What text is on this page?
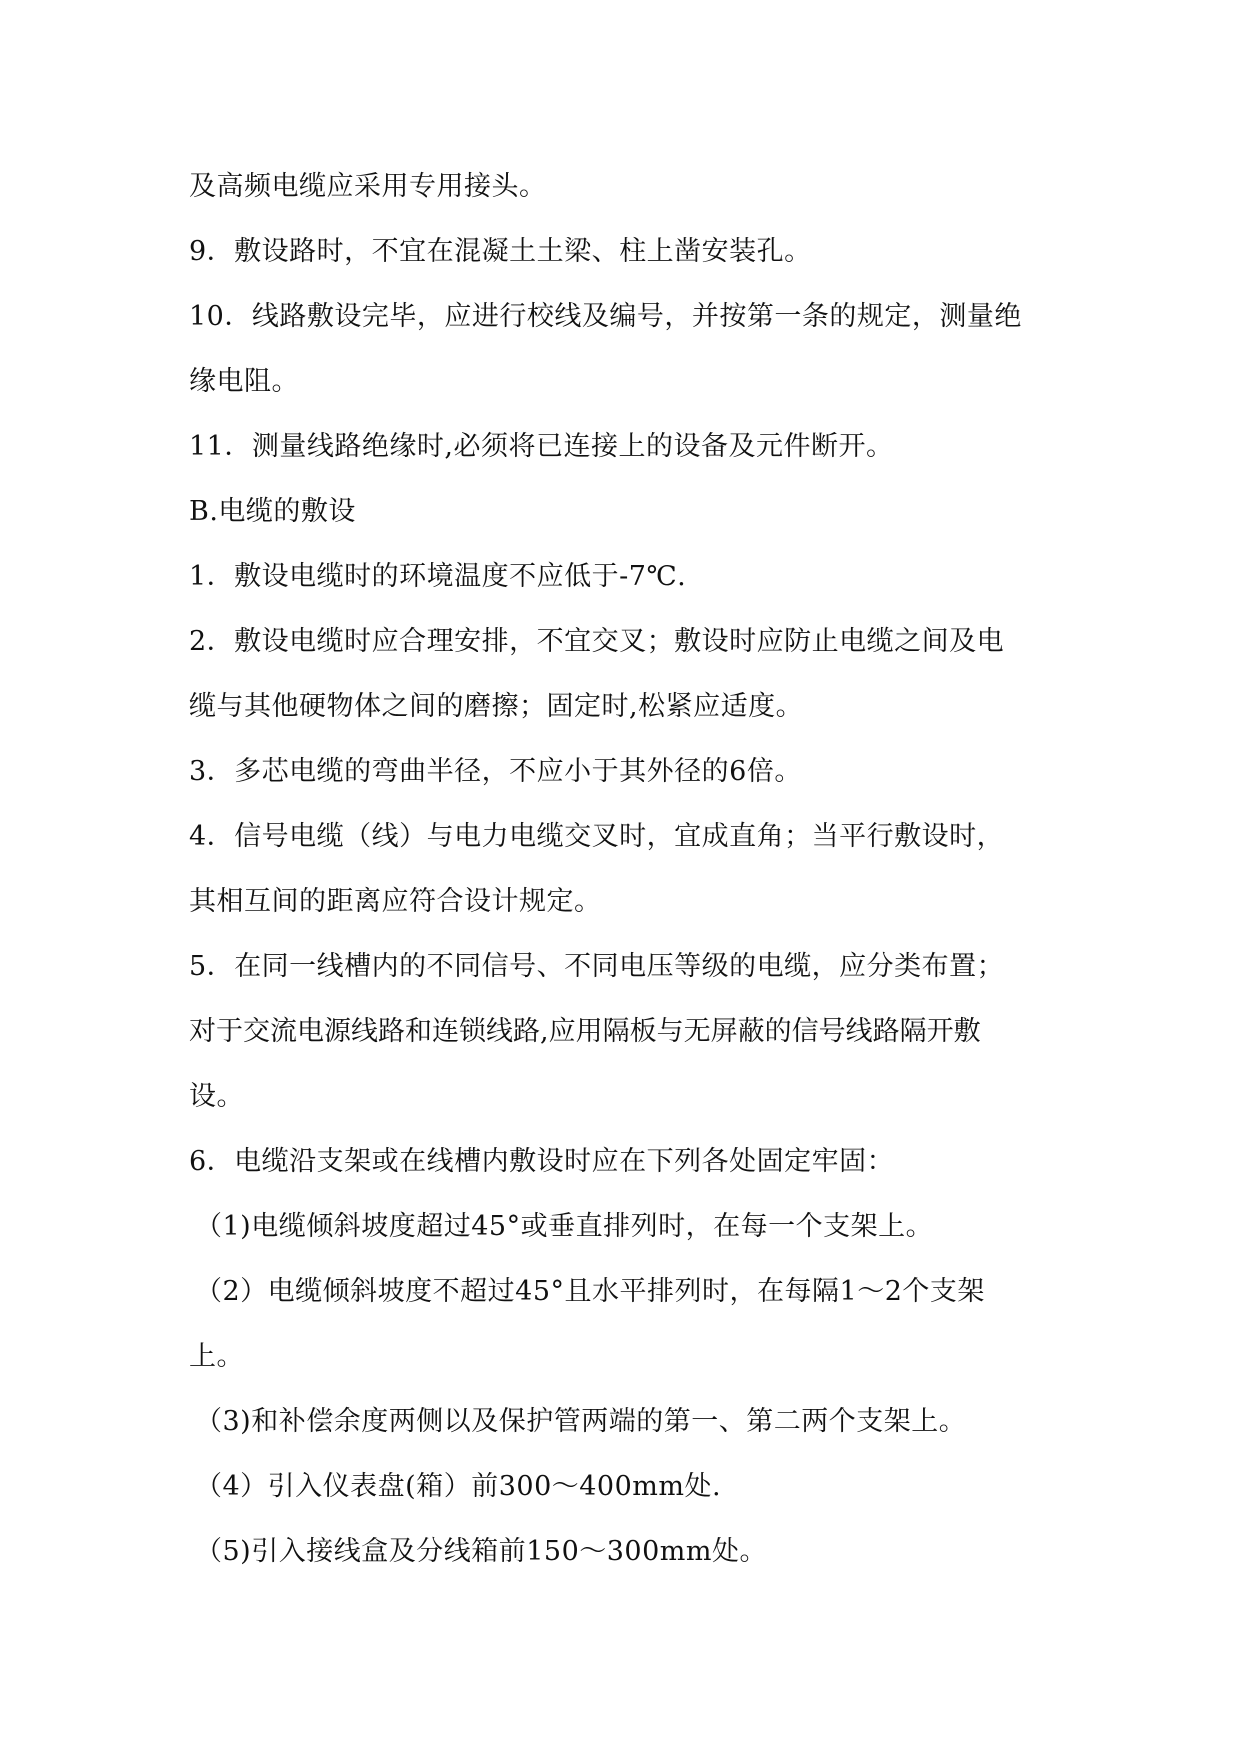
及高频电缆应采用专用接头。
9．敷设路时，不宜在混凝土土梁、柱上凿安装孔。
10．线路敷设完毕，应进行校线及编号，并按第一条的规定，测量绝
缘电阻。
11．测量线路绝缘时,必须将已连接上的设备及元件断开。
B.电缆的敷设
1．敷设电缆时的环境温度不应低于-7℃.
2．敷设电缆时应合理安排，不宜交叉；敷设时应防止电缆之间及电
缆与其他硬物体之间的磨擦；固定时,松紧应适度。
3．多芯电缆的弯曲半径，不应小于其外径的6倍。
4．信号电缆（线）与电力电缆交叉时，宜成直角；当平行敷设时，
其相互间的距离应符合设计规定。
5．在同一线槽内的不同信号、不同电压等级的电缆，应分类布置；
对于交流电源线路和连锁线路,应用隔板与无屏蔽的信号线路隔开敷
设。
6．电缆沿支架或在线槽内敷设时应在下列各处固定牢固：
（1)电缆倾斜坡度超过45°或垂直排列时，在每一个支架上。
（2）电缆倾斜坡度不超过45°且水平排列时，在每隔1～2个支架
上。
（3)和补偿余度两侧以及保护管两端的第一、第二两个支架上。
（4）引入仪表盘(箱）前300～400mm处.
（5)引入接线盒及分线箱前150～300mm处。
